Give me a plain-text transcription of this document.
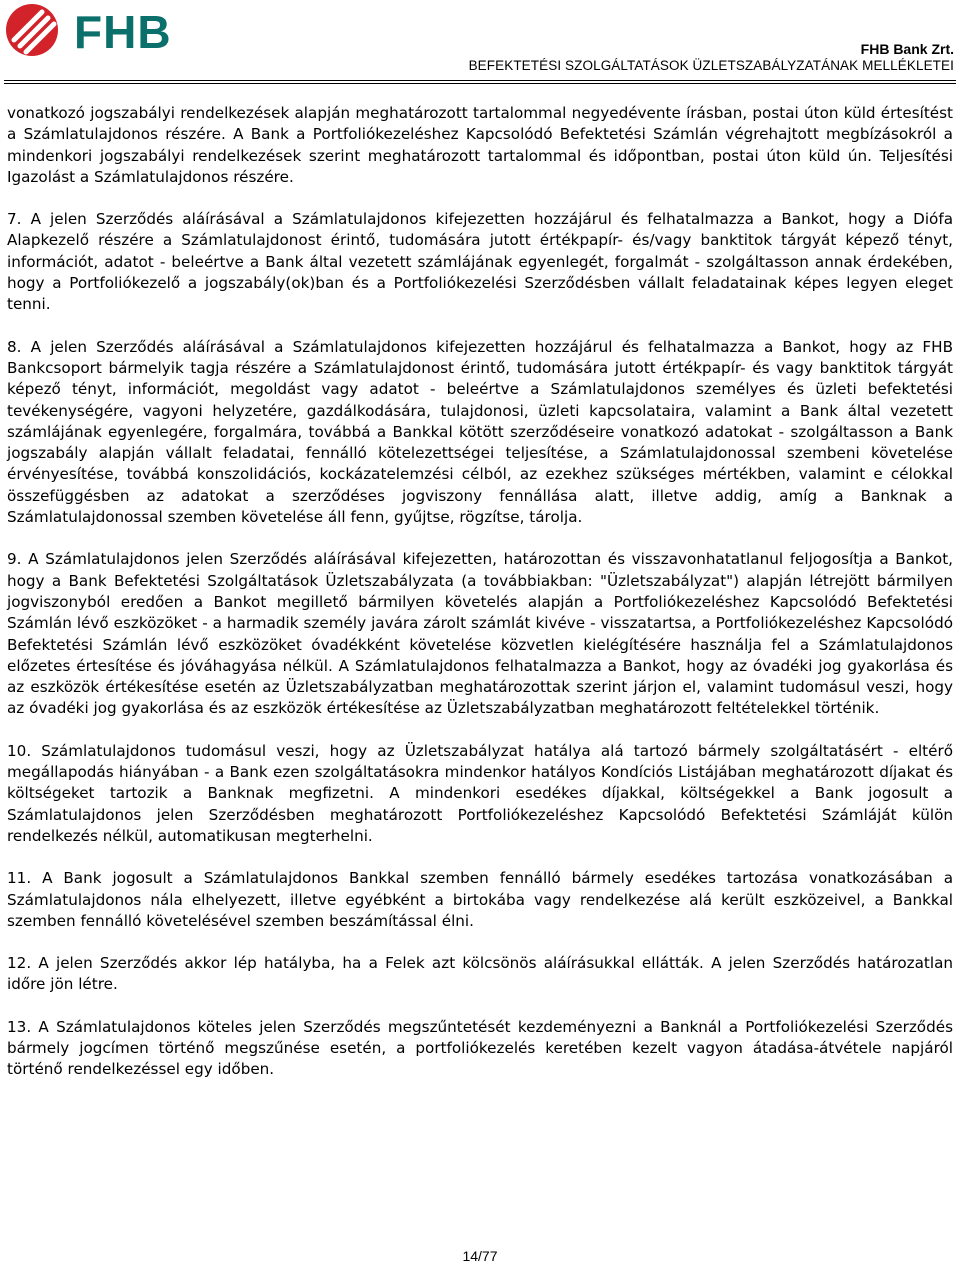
FHB	FHB Bank Zrt.
BEFEKTETÉSI SZOLGÁLTATÁSOK ÜZLETSZABÁLYZATÁNAK MELLÉKLETEI

vonatkozó jogszabályi rendelkezések alapján meghatározott tartalommal negyedévente írásban, postai úton küld értesítést a Számlatulajdonos részére. A Bank a Portfoliókezeléshez Kapcsolódó Befektetési Számlán végrehajtott megbízásokról a mindenkori jogszabályi rendelkezések szerint meghatározott tartalommal és időpontban, postai úton küld ún. Teljesítési Igazolást a Számlatulajdonos részére.

7. A jelen Szerződés aláírásával a Számlatulajdonos kifejezetten hozzájárul és felhatalmazza a Bankot, hogy a Diófa Alapkezelő részére a Számlatulajdonost érintő, tudomására jutott értékpapír- és/vagy banktitok tárgyát képező tényt, információt, adatot - beleértve a Bank által vezetett számlájának egyenlegét, forgalmát - szolgáltasson annak érdekében, hogy a Portfoliókezelő a jogszabály(ok)ban és a Portfoliókezelési Szerződésben vállalt feladatainak képes legyen eleget tenni.

8. A jelen Szerződés aláírásával a Számlatulajdonos kifejezetten hozzájárul és felhatalmazza a Bankot, hogy az FHB Bankcsoport bármelyik tagja részére a Számlatulajdonost érintő, tudomására jutott értékpapír- és vagy banktitok tárgyát képező tényt, információt, megoldást vagy adatot - beleértve a Számlatulajdonos személyes és üzleti befektetési tevékenységére, vagyoni helyzetére, gazdálkodására, tulajdonosi, üzleti kapcsolataira, valamint a Bank által vezetett számlájának egyenlegére, forgalmára, továbbá a Bankkal kötött szerződéseire vonatkozó adatokat - szolgáltasson a Bank jogszabály alapján vállalt feladatai, fennálló kötelezettségei teljesítése, a Számlatulajdonossal szembeni követelése érvényesítése, továbbá konszolidációs, kockázatelemzési célból, az ezekhez szükséges mértékben, valamint e célokkal összefüggésben az adatokat a szerződéses jogviszony fennállása alatt, illetve addig, amíg a Banknak a Számlatulajdonossal szemben követelése áll fenn, gyűjtse, rögzítse, tárolja.

9. A Számlatulajdonos jelen Szerződés aláírásával kifejezetten, határozottan és visszavonhatatlanul feljogosítja a Bankot, hogy a Bank Befektetési Szolgáltatások Üzletszabályzata (a továbbiakban: "Üzletszabályzat") alapján létrejött bármilyen jogviszonyból eredően a Bankot megillető bármilyen követelés alapján a Portfoliókezeléshez Kapcsolódó Befektetési Számlán lévő eszközöket - a harmadik személy javára zárolt számlát kivéve - visszatartsa, a Portfoliókezeléshez Kapcsolódó Befektetési Számlán lévő eszközöket óvadékként követelése közvetlen kielégítésére használja fel a Számlatulajdonos előzetes értesítése és jóváhagyása nélkül. A Számlatulajdonos felhatalmazza a Bankot, hogy az óvadéki jog gyakorlása és az eszközök értékesítése esetén az Üzletszabályzatban meghatározottak szerint járjon el, valamint tudomásul veszi, hogy az óvadéki jog gyakorlása és az eszközök értékesítése az Üzletszabályzatban meghatározott feltételekkel történik.

10. Számlatulajdonos tudomásul veszi, hogy az Üzletszabályzat hatálya alá tartozó bármely szolgáltatásért - eltérő megállapodás hiányában - a Bank ezen szolgáltatásokra mindenkor hatályos Kondíciós Listájában meghatározott díjakat és költségeket tartozik a Banknak megfizetni. A mindenkori esedékes díjakkal, költségekkel a Bank jogosult a Számlatulajdonos jelen Szerződésben meghatározott Portfoliókezeléshez Kapcsolódó Befektetési Számláját külön rendelkezés nélkül, automatikusan megterhelni.

11. A Bank jogosult a Számlatulajdonos Bankkal szemben fennálló bármely esedékes tartozása vonatkozásában a Számlatulajdonos nála elhelyezett, illetve egyébként a birtokába vagy rendelkezése alá került eszközeivel, a Bankkal szemben fennálló követelésével szemben beszámítással élni.

12. A jelen Szerződés akkor lép hatályba, ha a Felek azt kölcsönös aláírásukkal ellátták. A jelen Szerződés határozatlan időre jön létre.

13. A Számlatulajdonos köteles jelen Szerződés megszűntetését kezdeményezni a Banknál a Portfoliókezelési Szerződés bármely jogcímen történő megszűnése esetén, a portfoliókezelés keretében kezelt vagyon átadása-átvétele napjáról történő rendelkezéssel egy időben.

14/77
